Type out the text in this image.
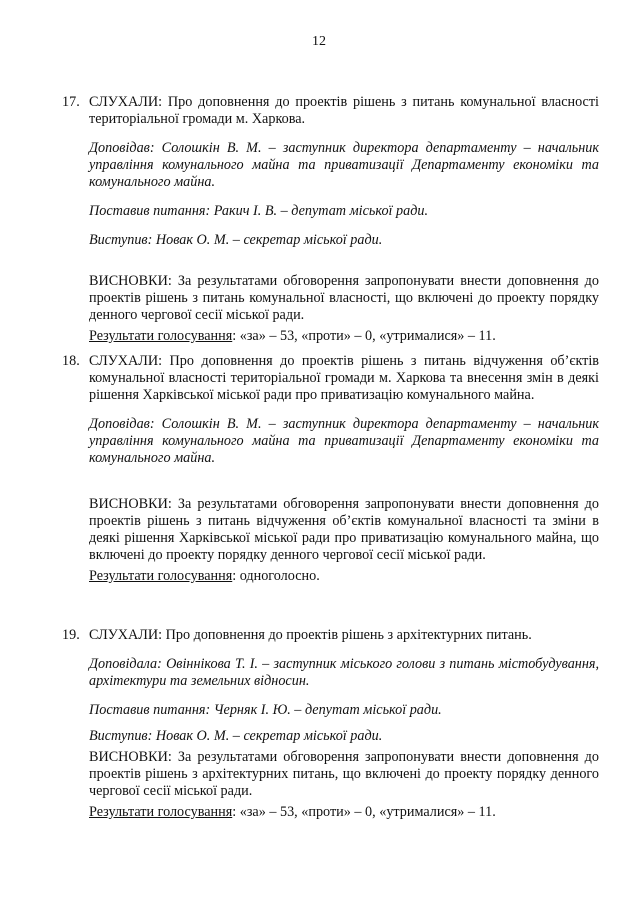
12
17. СЛУХАЛИ: Про доповнення до проектів рішень з питань комунальної власності територіальної громади м. Харкова.
Доповідав: Солошкін В. М. – заступник директора департаменту – начальник управління комунального майна та приватизації Департаменту економіки та комунального майна.
Поставив питання: Ракич І. В. – депутат міської ради.
Виступив: Новак О. М. – секретар міської ради.
ВИСНОВКИ: За результатами обговорення запропонувати внести доповнення до проектів рішень з питань комунальної власності, що включені до проекту порядку денного чергової сесії міської ради.
Результати голосування: «за» – 53, «проти» – 0, «утрималися» – 11.
18. СЛУХАЛИ: Про доповнення до проектів рішень з питань відчуження об’єктів комунальної власності територіальної громади м. Харкова та внесення змін в деякі рішення Харківської міської ради про приватизацію комунального майна.
Доповідав: Солошкін В. М. – заступник директора департаменту – начальник управління комунального майна та приватизації Департаменту економіки та комунального майна.
ВИСНОВКИ: За результатами обговорення запропонувати внести доповнення до проектів рішень з питань відчуження об’єктів комунальної власності та зміни в деякі рішення Харківської міської ради про приватизацію комунального майна, що включені до проекту порядку денного чергової сесії міської ради.
Результати голосування: одноголосно.
19. СЛУХАЛИ: Про доповнення до проектів рішень з архітектурних питань.
Доповідала: Овіннікова Т. І. – заступник міського голови з питань містобудування, архітектури та земельних відносин.
Поставив питання: Черняк І. Ю. – депутат міської ради.
Виступив: Новак О. М. – секретар міської ради.
ВИСНОВКИ: За результатами обговорення запропонувати внести доповнення до проектів рішень з архітектурних питань, що включені до проекту порядку денного чергової сесії міської ради.
Результати голосування: «за» – 53, «проти» – 0, «утрималися» – 11.
